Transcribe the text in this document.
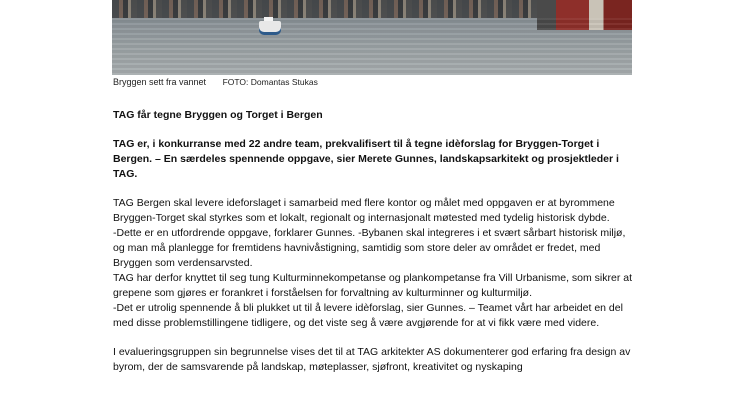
Bryggen sett fra vannet FOTO: Domantas Stukas

TAG får tegne Bryggen og Torget i Bergen

TAG er, i konkurranse med 22 andre team, prekvalifisert til å tegne idèforslag for Bryggen-Torget i Bergen. – En særdeles spennende oppgave, sier Merete Gunnes, landskapsarkitekt og prosjektleder i TAG.

TAG Bergen skal levere ideforslaget i samarbeid med flere kontor og målet med oppgaven er at byrommene Bryggen-Torget skal styrkes som et lokalt, regionalt og internasjonalt møtested med tydelig historisk dybde.

-Dette er en utfordrende oppgave, forklarer Gunnes. -Bybanen skal integreres i et svært sårbart historisk miljø, og man må planlegge for fremtidens havnivåstigning, samtidig som store deler av området er fredet, med Bryggen som verdensarvsted.

TAG har derfor knyttet til seg tung Kulturminnekompetanse og plankompetanse fra Vill Urbanisme, som sikrer at grepene som gjøres er forankret i forståelsen for forvaltning av kulturminner og kulturmiljø.

-Det er utrolig spennende å bli plukket ut til å levere idèforslag, sier Gunnes. – Teamet vårt har arbeidet en del med disse problemstillingene tidligere, og det viste seg å være avgjørende for at vi fikk være med videre.

I evalueringsgruppen sin begrunnelse vises det til at TAG arkitekter AS dokumenterer god erfaring fra design av byrom, der de samsvarende på landskap, møteplasser, sjøfront, kreativitet og nyskaping
